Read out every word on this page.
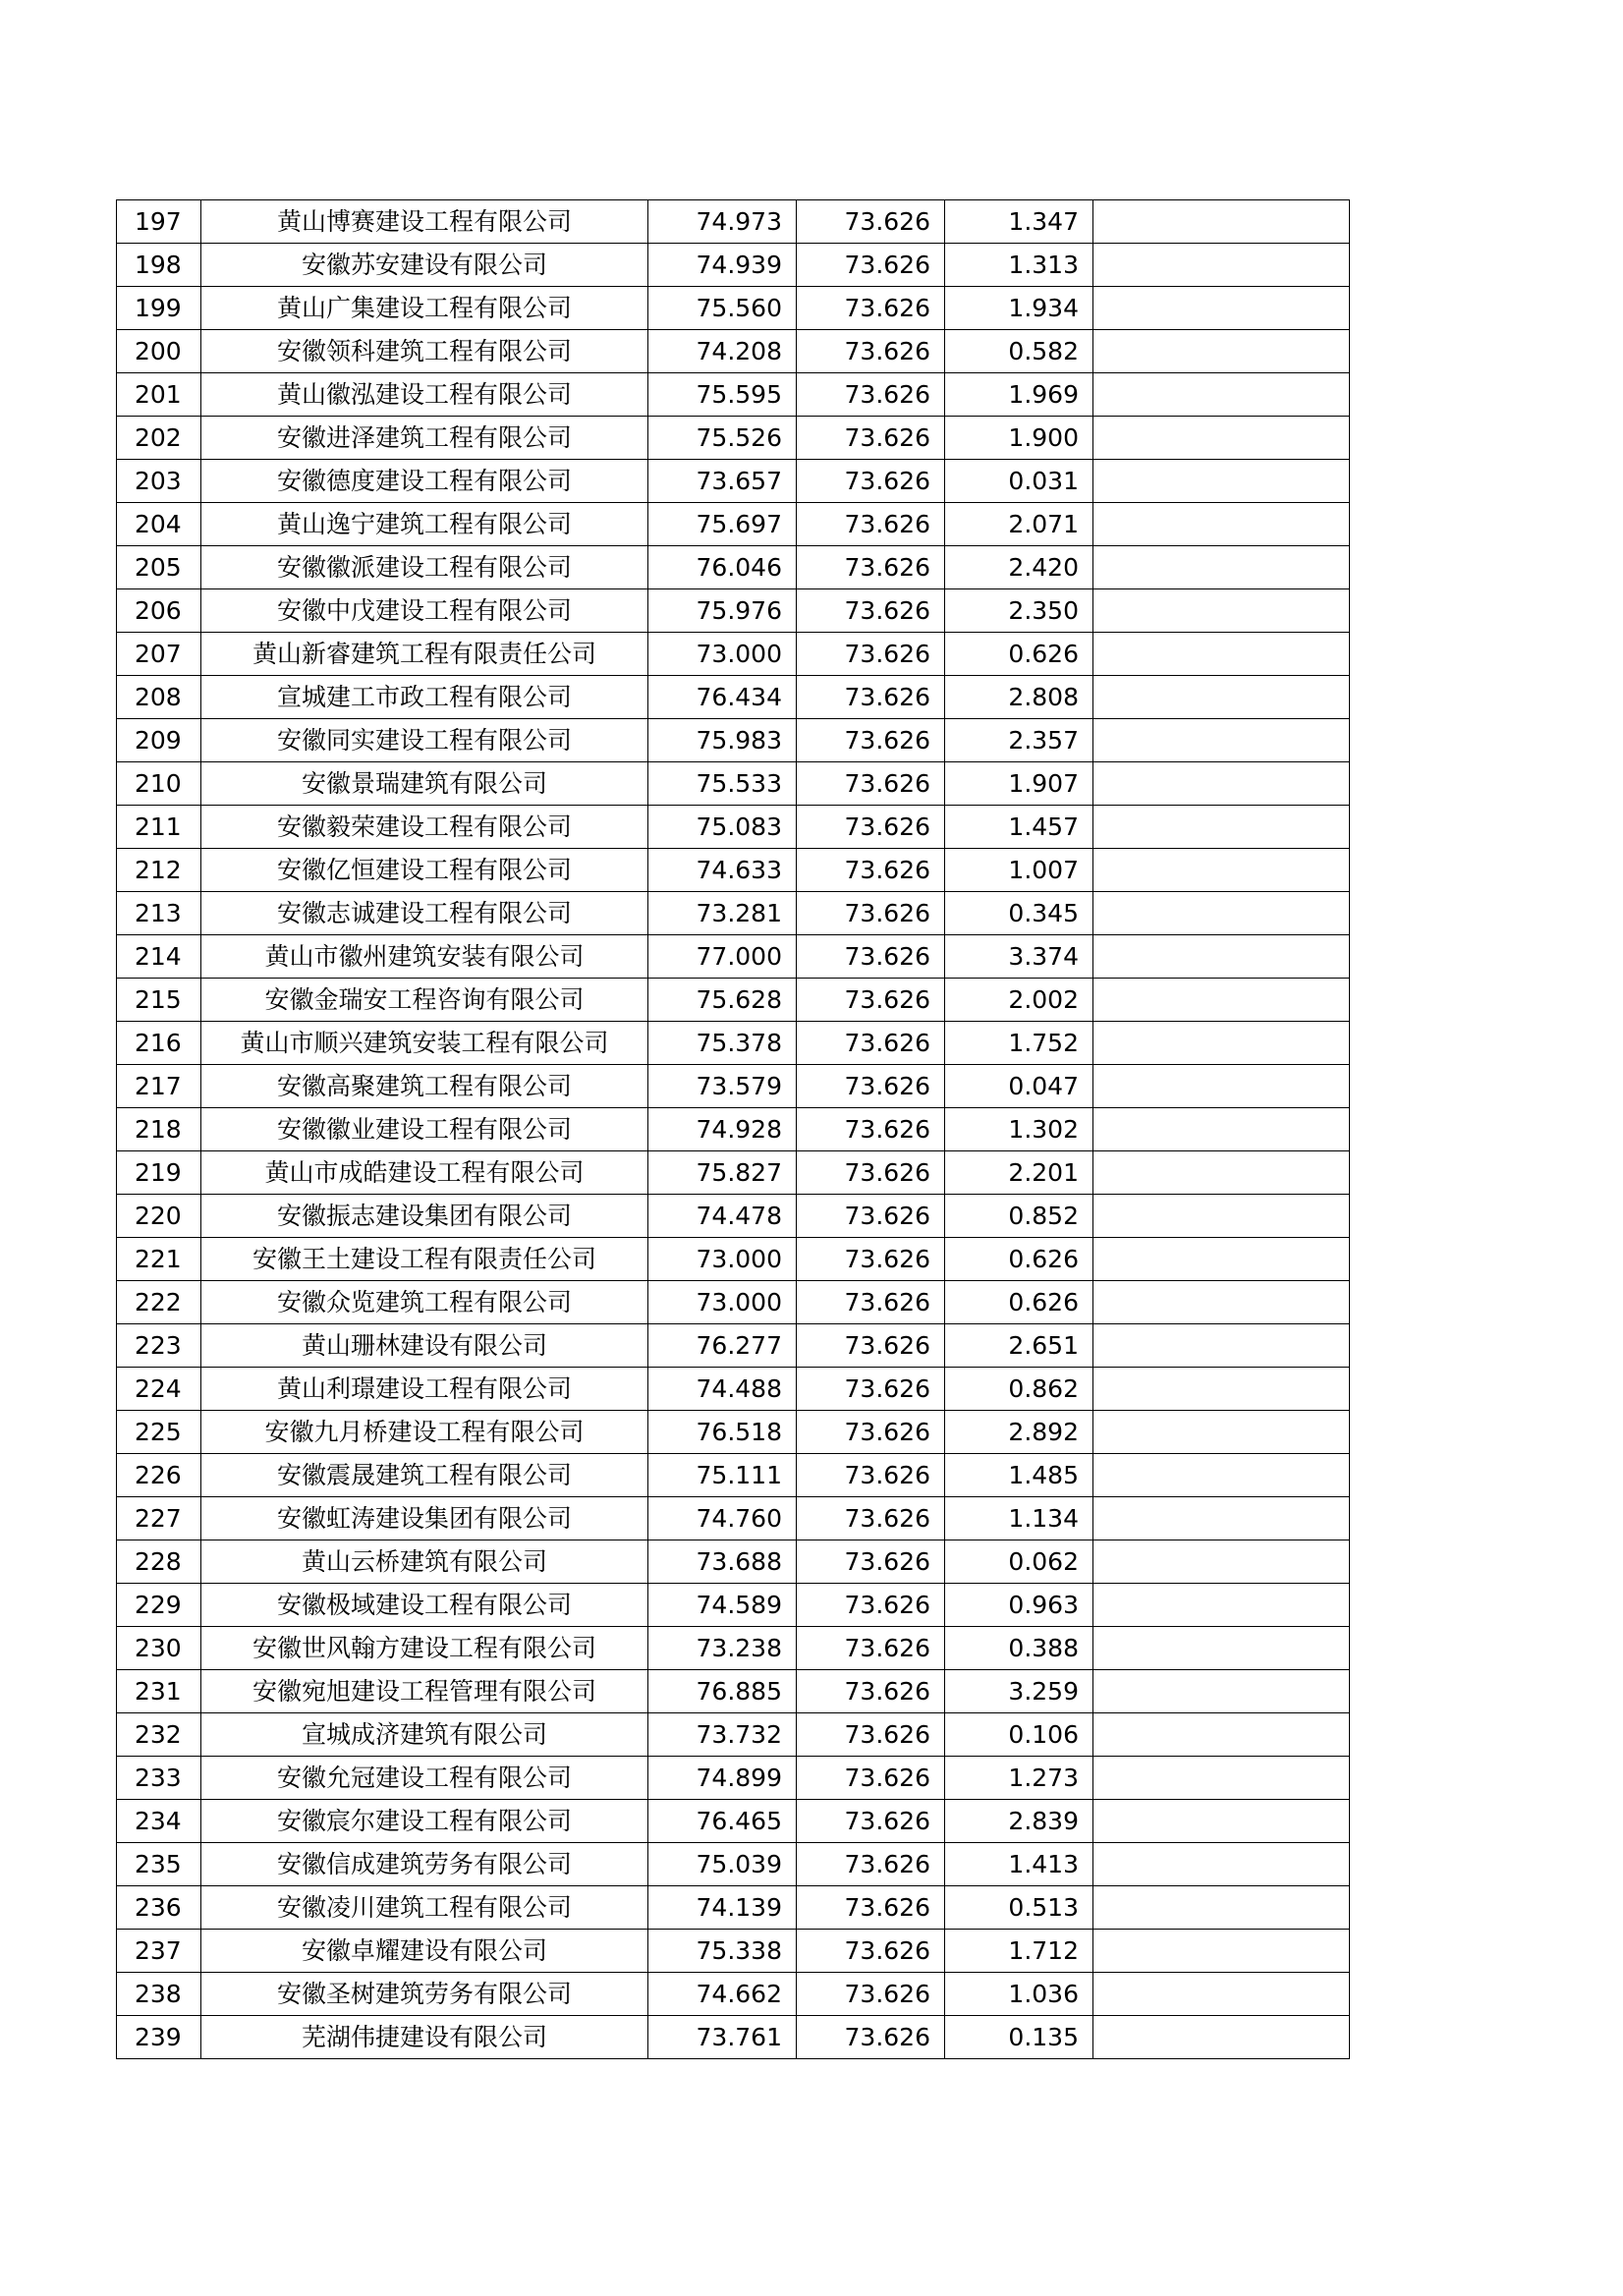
197	黄山博赛建设工程有限公司	74.973	73.626	1.347	
198	安徽苏安建设有限公司	74.939	73.626	1.313	
199	黄山广集建设工程有限公司	75.560	73.626	1.934	
200	安徽领科建筑工程有限公司	74.208	73.626	0.582	
201	黄山徽泓建设工程有限公司	75.595	73.626	1.969	
202	安徽进泽建筑工程有限公司	75.526	73.626	1.900	
203	安徽德度建设工程有限公司	73.657	73.626	0.031	
204	黄山逸宁建筑工程有限公司	75.697	73.626	2.071	
205	安徽徽派建设工程有限公司	76.046	73.626	2.420	
206	安徽中戊建设工程有限公司	75.976	73.626	2.350	
207	黄山新睿建筑工程有限责任公司	73.000	73.626	0.626	
208	宣城建工市政工程有限公司	76.434	73.626	2.808	
209	安徽同实建设工程有限公司	75.983	73.626	2.357	
210	安徽景瑞建筑有限公司	75.533	73.626	1.907	
211	安徽毅荣建设工程有限公司	75.083	73.626	1.457	
212	安徽亿恒建设工程有限公司	74.633	73.626	1.007	
213	安徽志诚建设工程有限公司	73.281	73.626	0.345	
214	黄山市徽州建筑安装有限公司	77.000	73.626	3.374	
215	安徽金瑞安工程咨询有限公司	75.628	73.626	2.002	
216	黄山市顺兴建筑安装工程有限公司	75.378	73.626	1.752	
217	安徽高聚建筑工程有限公司	73.579	73.626	0.047	
218	安徽徽业建设工程有限公司	74.928	73.626	1.302	
219	黄山市成皓建设工程有限公司	75.827	73.626	2.201	
220	安徽振志建设集团有限公司	74.478	73.626	0.852	
221	安徽王土建设工程有限责任公司	73.000	73.626	0.626	
222	安徽众览建筑工程有限公司	73.000	73.626	0.626	
223	黄山珊林建设有限公司	76.277	73.626	2.651	
224	黄山利璟建设工程有限公司	74.488	73.626	0.862	
225	安徽九月桥建设工程有限公司	76.518	73.626	2.892	
226	安徽震晟建筑工程有限公司	75.111	73.626	1.485	
227	安徽虹涛建设集团有限公司	74.760	73.626	1.134	
228	黄山云桥建筑有限公司	73.688	73.626	0.062	
229	安徽极域建设工程有限公司	74.589	73.626	0.963	
230	安徽世风翰方建设工程有限公司	73.238	73.626	0.388	
231	安徽宛旭建设工程管理有限公司	76.885	73.626	3.259	
232	宣城成济建筑有限公司	73.732	73.626	0.106	
233	安徽允冠建设工程有限公司	74.899	73.626	1.273	
234	安徽宸尔建设工程有限公司	76.465	73.626	2.839	
235	安徽信成建筑劳务有限公司	75.039	73.626	1.413	
236	安徽凌川建筑工程有限公司	74.139	73.626	0.513	
237	安徽卓耀建设有限公司	75.338	73.626	1.712	
238	安徽圣树建筑劳务有限公司	74.662	73.626	1.036	
239	芜湖伟捷建设有限公司	73.761	73.626	0.135	
